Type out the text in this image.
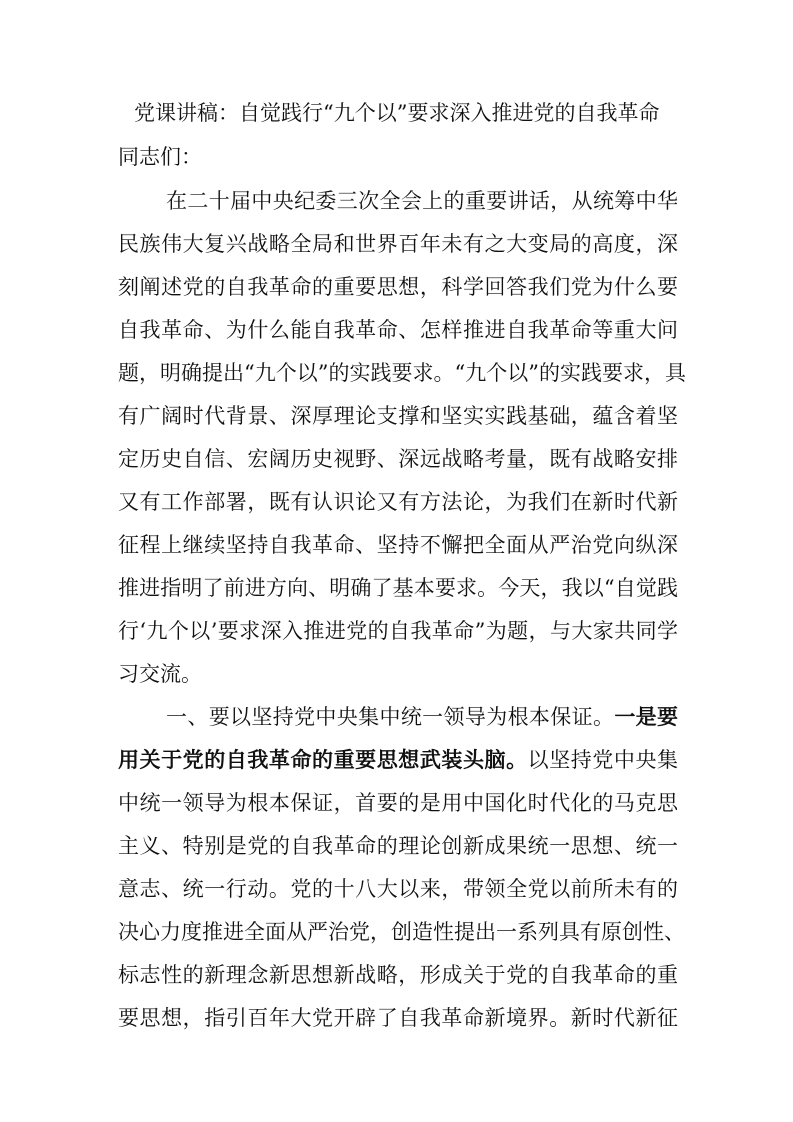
党课讲稿：自觉践行“九个以”要求深入推进党的自我革命
同志们：
在二十届中央纪委三次全会上的重要讲话，从统筹中华
民族伟大复兴战略全局和世界百年未有之大变局的高度，深
刻阐述党的自我革命的重要思想，科学回答我们党为什么要
自我革命、为什么能自我革命、怎样推进自我革命等重大问
题，明确提出“九个以”的实践要求。“九个以”的实践要求，具
有广阔时代背景、深厚理论支撑和坚实实践基础，蕴含着坚
定历史自信、宏阔历史视野、深远战略考量，既有战略安排
又有工作部署，既有认识论又有方法论，为我们在新时代新
征程上继续坚持自我革命、坚持不懈把全面从严治党向纵深
推进指明了前进方向、明确了基本要求。今天，我以“自觉践
行‘九个以’要求深入推进党的自我革命”为题，与大家共同学
习交流。
一、要以坚持党中央集中统一领导为根本保证。一是要
用关于党的自我革命的重要思想武装头脑。以坚持党中央集
中统一领导为根本保证，首要的是用中国化时代化的马克思
主义、特别是党的自我革命的理论创新成果统一思想、统一
意志、统一行动。党的十八大以来，带领全党以前所未有的
决心力度推进全面从严治党，创造性提出一系列具有原创性、
标志性的新理念新思想新战略，形成关于党的自我革命的重
要思想，指引百年大党开辟了自我革命新境界。新时代新征
